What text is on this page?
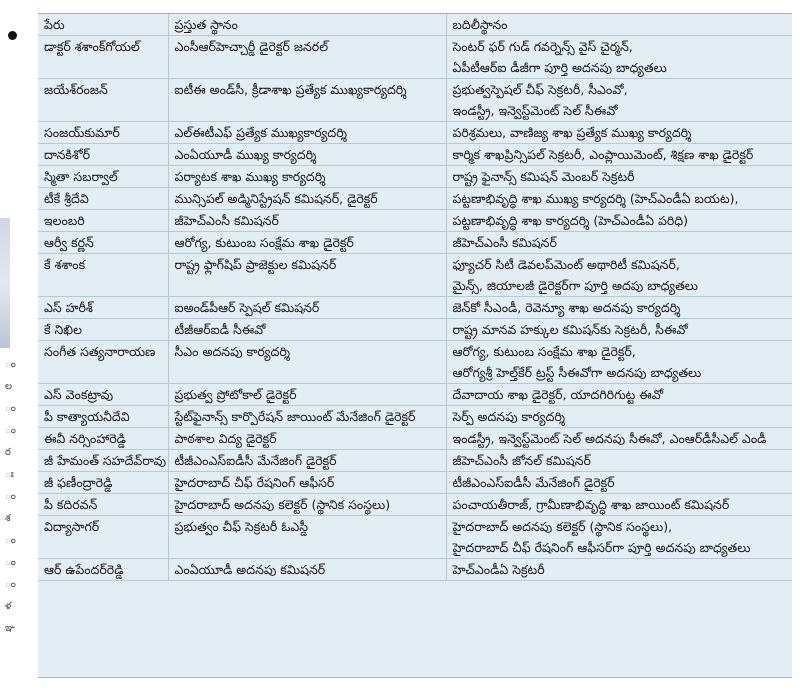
ం
ల
ం
ం
ర
ః
ం
శ
ం
ం
ం
ళ
ఞ
పేరు	ప్రస్తుత స్థానం	బదిలీస్థానం

డాక్టర్ శశాంక్‌గోయల్	ఎంసీఆర్‌హెచ్చార్డీ డైరెక్టర్ జనరల్	సెంటర్ ఫర్ గుడ్ గవర్నెన్స్ వైస్ చైర్మన్,
ఏపీటీఆర్ఐ డీజీగా పూర్తి అదనపు బాధ్యతలు

జయేశ్‌రంజన్	ఐటీఈ అండ్‌సీ, క్రీడాశాఖ ప్రత్యేక ముఖ్యకార్యదర్శి	ప్రభుత్వస్పెషల్ చీఫ్ సెక్రటరీ, సీఎంవో,
ఇండస్ట్రీ, ఇన్వెస్ట్‌మెంట్ సెల్ సీఈవో

సంజయ్‌కుమార్	ఎల్ఈటీఎఫ్ ప్రత్యేక ముఖ్యకార్యదర్శి	పరిశ్రమలు, వాణిజ్య శాఖ ప్రత్యేక ముఖ్య కార్యదర్శి

దానకిశోర్	ఎంఏయూడీ ముఖ్య కార్యదర్శి	కార్మిక శాఖప్రిన్సిపల్ సెక్రటరీ, ఎంప్లాయిమెంట్, శిక్షణ శాఖ డైరెక్టర్

స్మితా సబర్వాల్	పర్యాటక శాఖ ముఖ్య కార్యదర్శి	రాష్ట్ర ఫైనాన్స్ కమిషన్ మెంబర్ సెక్రటరీ

టీకే శ్రీదేవి	మున్సిపల్ అడ్మినిస్ట్రేషన్ కమిషనర్, డైరెక్టర్	పట్టణాభివృద్ధి శాఖ ముఖ్య కార్యదర్శి (హెచ్ఎండీఏ బయట),

ఇలంబరి	జీహెచ్ఎంసీ కమిషనర్	పట్టణాభివృద్ధి శాఖ కార్యదర్శి (హెచ్ఎండీఏ పరిధి)

ఆర్వీ కర్ణన్	ఆరోగ్య, కుటుంబ సంక్షేమ శాఖ డైరెక్టర్	జీహెచ్ఎంసీ కమిషనర్

కే శశాంక	రాష్ట్ర ఫ్లాగ్‌షిప్ ప్రాజెక్టుల కమిషనర్	ఫ్యూచర్ సిటీ డెవలప్‌మెంట్ అథారిటీ కమిషనర్,
మైన్స్, జియాలజీ డైరెక్టర్‌గా పూర్తి అదపు బాధ్యతలు

ఎస్ హరీశ్	ఐఅండ్‌పీఆర్ స్పెషల్ కమిషనర్	జెన్‌కో సీఎండీ, రెవెన్యూ శాఖ అదనపు కార్యదర్శి

కే నిఖిల	టీజీఆర్ఐడీ సీఈవో	రాష్ట్ర మానవ హక్కుల కమిషన్‌కు సెక్రటరీ, సీఈవో

సంగీత సత్యనారాయణ	సీఎం అదనపు కార్యదర్శి	ఆరోగ్య, కుటుంబ సంక్షేమ శాఖ డైరెక్టర్,
ఆరోగ్యశ్రీ హెల్త్‌కేర్ ట్రస్ట్ సీఈవోగా అదనపు బాధ్యతలు

ఎస్ వెంకట్రావు	ప్రభుత్వ ప్రోటోకాల్ డైరెక్టర్	దేవాదాయ శాఖ డైరెక్టర్, యాదగిరిగుట్ట ఈవో

పీ కాత్యాయనీదేవి	స్టేట్‌ఫైనాన్స్ కార్పొరేషన్ జాయింట్ మేనేజింగ్ డైరెక్టర్	సెర్ప్ అదనపు కార్యదర్శి

ఈవీ నర్సింహారెడ్డి	పాఠశాల విద్య డైరెక్టర్	ఇండస్ట్రీ, ఇన్వెస్ట్‌మెంట్ సెల్ అదనపు సీఈవో, ఎంఆర్‌డీసీఎల్ ఎండీ

జీ హేమంత్ సహదేవ్‌రావు	టీజీఎంఎస్ఐడీసీ మేనేజింగ్ డైరెక్టర్	జీహెచ్ఎంసీ జోనల్ కమిషనర్

జీ ఫణీంద్రారెడ్డి	హైదరాబాద్ చీఫ్ రేషనింగ్ ఆఫీసర్	టీజీఎంఎస్ఐడీసీ మేనేజింగ్ డైరెక్టర్

పీ కదిరవన్	హైదరాబాద్ అదనపు కలెక్టర్ (స్థానిక సంస్థలు)	పంచాయతీరాజ్, గ్రామీణాభివృద్ధి శాఖ జాయింట్ కమిషనర్

విద్యాసాగర్	ప్రభుత్వం చీఫ్ సెక్రటరీ ఓఎస్డీ	హైదరాబాద్ అదనపు కలెక్టర్ (స్థానిక సంస్థలు),
హైదరాబాద్ చీఫ్ రేషనింగ్ ఆఫీసర్‌గా పూర్తి అదనపు బాధ్యతలు

ఆర్ ఉపేందర్‌రెడ్డి	ఎంఏయూడీ అదనపు కమిషనర్	హెచ్ఎండీఏ సెక్రటరీ
